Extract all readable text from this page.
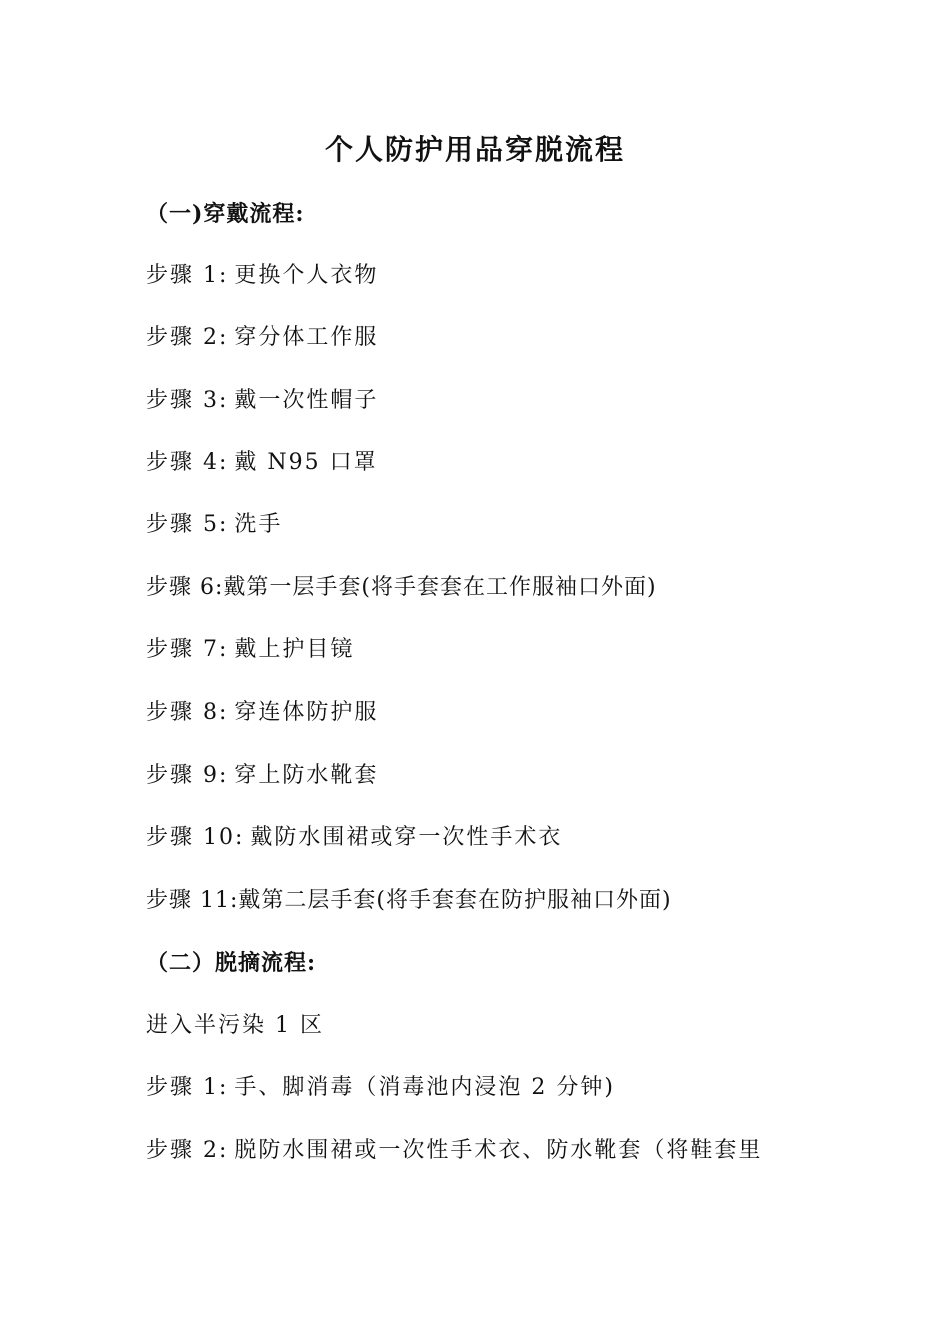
个人防护用品穿脱流程
（一)穿戴流程:
步骤 1: 更换个人衣物
步骤 2: 穿分体工作服
步骤 3: 戴一次性帽子
步骤 4: 戴 N95 口罩
步骤 5: 洗手
步骤 6:戴第一层手套(将手套套在工作服袖口外面)
步骤 7: 戴上护目镜
步骤 8: 穿连体防护服
步骤 9: 穿上防水靴套
步骤 10: 戴防水围裙或穿一次性手术衣
步骤 11:戴第二层手套(将手套套在防护服袖口外面)
（二）脱摘流程:
进入半污染 1 区
步骤 1: 手、脚消毒（消毒池内浸泡 2 分钟)
步骤 2: 脱防水围裙或一次性手术衣、防水靴套（将鞋套里
